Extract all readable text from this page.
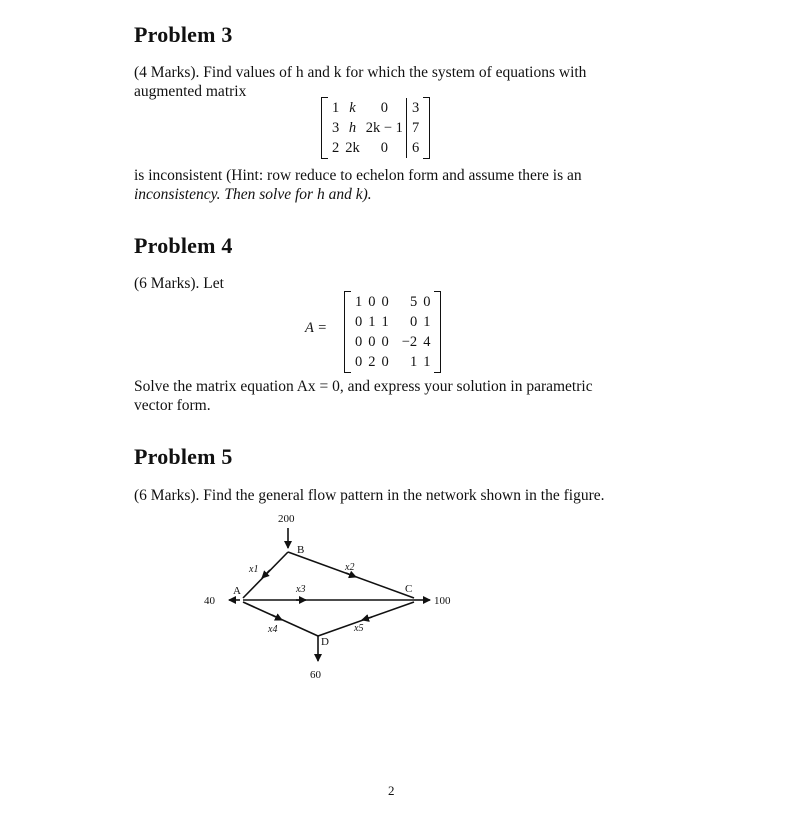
Problem 3
(4 Marks). Find values of h and k for which the system of equations with
augmented matrix
1	k	0	3
3	h	2k − 1	7
2	2k	0	6
is inconsistent (Hint: row reduce to echelon form and assume there is an
inconsistency. Then solve for h and k).
Problem 4
(6 Marks). Let
A =
1	0	0	5	0
0	1	1	0	1
0	0	0	−2	4
0	2	0	1	1
Solve the matrix equation Ax = 0, and express your solution in parametric
vector form.
Problem 5
(6 Marks). Find the general flow pattern in the network shown in the figure.
200
40	100
60
A
B
C
D
x1	x2
x3
x4	x5
2
